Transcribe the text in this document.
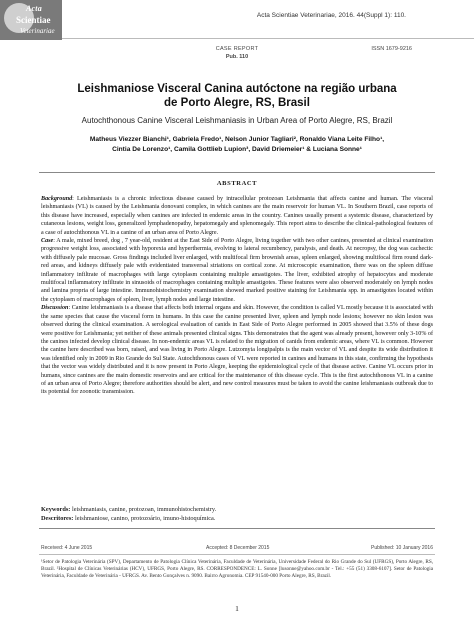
Acta
Scientiae
Veterinariae
Acta Scientiae Veterinariae, 2016. 44(Suppl 1): 110.
CASE REPORT
Pub. 110
ISSN 1679-9216
Leishmaniose Visceral Canina autóctone na região urbana
de Porto Alegre, RS, Brasil
Autochthonous Canine Visceral Leishmaniasis in Urban Area of Porto Alegre, RS, Brazil
Matheus Viezzer Bianchi¹, Gabriela Fredo¹, Nelson Junior Tagliari², Ronaldo Viana Leite Filho¹,
Cintia De Lorenzo¹, Camila Gottlieb Lupion³, David Driemeier¹ & Luciana Sonne¹
ABSTRACT

Background: Leishmaniasis is a chronic infectious disease caused by intracellular protozoan Leishmania that affects canine and human. The visceral leishmaniasis (VL) is caused by the Leishmania donovani complex, in which canines are the main reservoir for human VL. In Southern Brazil, case reports of this disease have increased, especially when canines are infected in endemic areas in the country. Canines usually present a systemic disease, characterized by cutaneous lesions, weight loss, generalized lymphadenopathy, hepatomegaly and splenomegaly. This report aims to describe the clinical-pathological features of a case of autochthonous VL in a canine of an urban area of Porto Alegre.

Case: A male, mixed breed, dog , 7 year-old, resident at the East Side of Porto Alegre, living together with two other canines, presented at clinical examination progressive weight loss, associated with hyporexia and hyperthermia, evolving to lateral recumbency, paralysis, and death. At necropsy, the dog was cachectic with diffusely pale mucosae. Gross findings included liver enlarged, with multifocal firm brownish areas, spleen enlarged, showing multifocal firm round dark-red areas, and kidneys diffusely pale with evidentiated transversal striations on cortical zone. At microscopic examination, there was on the spleen diffuse inflammatory infiltrate of macrophages with large cytoplasm containing multiple amastigotes. The liver, exhibited atrophy of hepatocytes and moderate multifocal inflammatory infiltrate in sinusoids of macrophages containing multiple amastigotes. These features were also observed moderately on lymph nodes and lamina propria of large intestine. Immunohistochemistry examination showed marked positive staining for Leishmania spp. in amastigotes located within the cytoplasm of macrophages of spleen, liver, lymph nodes and large intestine.

Discussion: Canine leishmaniasis is a disease that affects both internal organs and skin. However, the condition is called VL mostly because it is associated with the same species that cause the visceral form in humans. In this case the canine presented liver, spleen and lymph node lesions; however no skin lesion was observed during the clinical examination. A serological evaluation of canids in East Side of Porto Alegre performed in 2005 showed that 3.5% of these dogs were positive for Leishmania; yet neither of these animals presented clinical signs. This demonstrates that the agent was already present, however only 3-10% of the canines infected develop clinical disease. In non-endemic areas VL is related to the migration of canids from endemic areas, where VL is common. However the canine here described was born, raised, and was living in Porto Alegre. Lutzomyia longipalpis is the main vector of VL and despite its wide distribution it was identified only in 2009 in Rio Grande do Sul State. Autochthonous cases of VL were reported in canines and humans in this state, confirming the hypothesis that the vector was widely distributed and it is now present in Porto Alegre, keeping the epidemiological cycle of that disease active. Canine VL occurs prior in humans, since canines are the main domestic reservoirs and are critical for the maintenance of this disease cycle. This is the first autochthonous VL in a canine of an urban area of Porto Alegre; therefore authorities should be alert, and new control measures must be taken to avoid the canine leishmaniasis outbreak due to its potential for zoonotic transmission.

Keywords: leishmaniasis, canine, protozoan, immunohistochemistry.
Descritores: leishmaniose, canino, protozoário, imuno-histoquímica.
Received: 4 June 2015	Accepted: 8 December 2015	Published: 10 January 2016
¹Setor de Patologia Veterinária (SPV), Departamento de Patologia Clínica Veterinária, Faculdade de Veterinária, Universidade Federal do Rio Grande do Sul (UFRGS), Porto Alegre, RS, Brazil. ²Hospital de Clínicas Veterinárias (HCV), UFRGS, Porto Alegre, RS. CORRESPONDENCE: L. Sonne [lusonne@yahoo.com.br - Tel.: +55 (51) 3308-6107]. Setor de Patologia Veterinária, Faculdade de Veterinária - UFRGS. Av. Bento Gonçalves n. 9090. Bairro Agronomia. CEP 91540-000 Porto Alegre, RS, Brazil.
1
